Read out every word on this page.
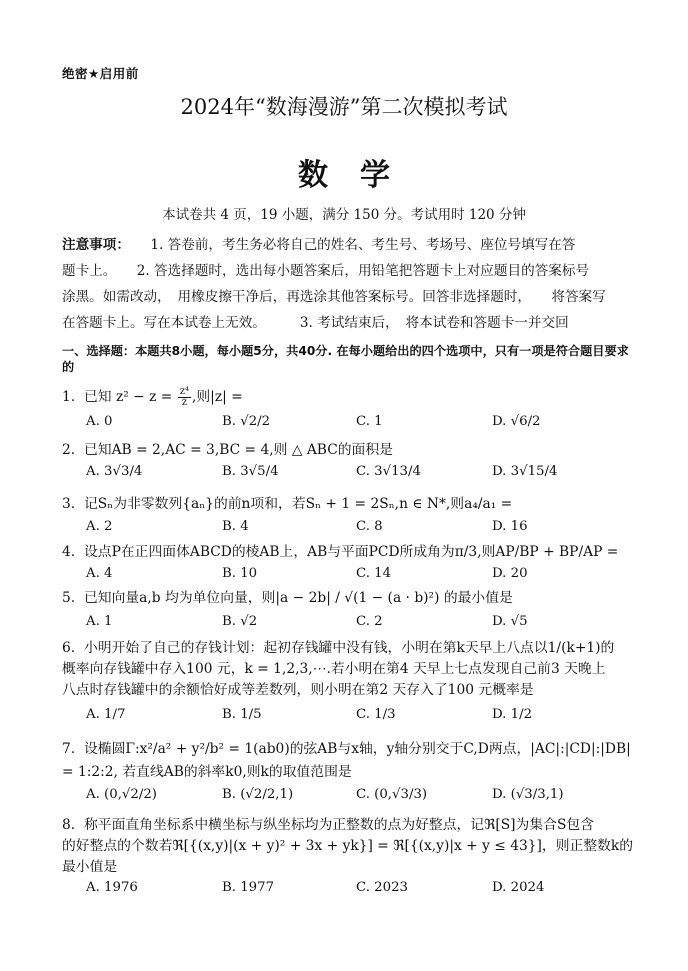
绝密★启用前
2024年“数海漫游”第二次模拟考试
数学
本试卷共 4 页，19 小题，满分 150 分。考试用时 120 分钟
注意事项：　　 1. 答卷前，考生务必将自己的姓名、考生号、考场号、座位号填写在答
题卡上。　　2. 答选择题时，选出每小题答案后，用铅笔把答题卡上对应题目的答案标号
涂黑。如需改动，　用橡皮擦干净后，再选涂其他答案标号。回答非选择题时，　　将答案写
在答题卡上。写在本试卷上无效。　　　3. 考试结束后，　将本试卷和答题卡一并交回
一、选择题：本题共8小题，每小题5分，共40分. 在每小题给出的四个选项中，只有一项是符合题目要求的
1. 已知 $z^2 - z = \frac{\text{z⁴}}{z̄}$ ,则|z| =
A. 0	B. √2/2	C. 1	D. √6/2
2. 已知AB = 2,AC = 3,BC = 4,则 △ ABC的面积是
A. 3√3/4	B. 3√5/4	C. 3√13/4	D. 3√15/4
3. 记Sₙ为非零数列{aₙ}的前n项和，若Sₙ + 1 = 2Sₙ,n ∈ N*,则a₄/a₁ =
A. 2	B. 4	C. 8	D. 16
4. 设点P在正四面体ABCD的棱AB上，AB与平面PCD所成角为π/3,则AP/BP + BP/AP =
A. 4	B. 10	C. 14	D. 20
5. 已知向量a,b 均为单位向量，则|a − 2b| / √(1 − (a · b)²) 的最小值是
A. 1	B. √2	C. 2	D. √5
6. 小明开始了自己的存钱计划：起初存钱罐中没有钱，小明在第k天早上八点以1/(k+1)的
概率向存钱罐中存入100 元，k = 1,2,3,⋯.若小明在第4 天早上七点发现自己前3 天晚上
八点时存钱罐中的余额恰好成等差数列，则小明在第2 天存入了100 元概率是
A. 1/7	B. 1/5	C. 1/3	D. 1/2
7. 设椭圆Γ:x²/a² + y²/b² = 1(ab0)的弦AB与x轴，y轴分别交于C,D两点，|AC|:|CD|:|DB|
= 1:2:2, 若直线AB的斜率k0,则k的取值范围是
A. (0,√2/2)	B. (√2/2,1)	C. (0,√3/3)	D. (√3/3,1)
8. 称平面直角坐标系中横坐标与纵坐标均为正整数的点为好整点，记ℜ[S]为集合S包含
的好整点的个数若ℜ[{(x,y)|(x + y)² + 3x + yk}] = ℜ[{(x,y)|x + y ≤ 43}]，则正整数k的
最小值是
A. 1976	B. 1977	C. 2023	D. 2024
